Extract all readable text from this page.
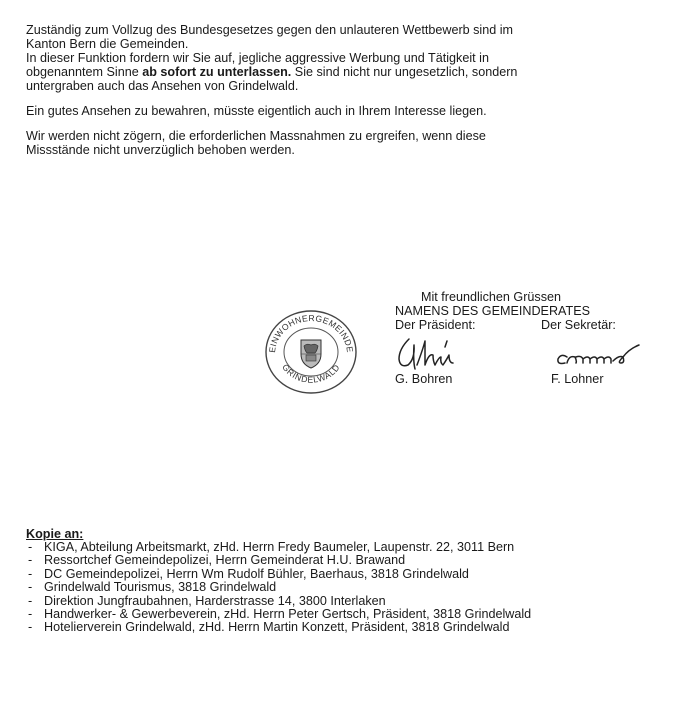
Zuständig zum Vollzug des Bundesgesetzes gegen den unlauteren Wettbewerb sind im
Kanton Bern die Gemeinden.
In dieser Funktion fordern wir Sie auf, jegliche aggressive Werbung und Tätigkeit in
obgenanntem Sinne ab sofort zu unterlassen. Sie sind nicht nur ungesetzlich, sondern
untergraben auch das Ansehen von Grindelwald.

Ein gutes Ansehen zu bewahren, müsste eigentlich auch in Ihrem Interesse liegen.

Wir werden nicht zögern, die erforderlichen Massnahmen zu ergreifen, wenn diese
Missstände nicht unverzüglich behoben werden.

EINWOHNERGEMEINDE
GRINDELWALD
Mit freundlichen Grüssen
NAMENS DES GEMEINDERATES
Der Präsident:	Der Sekretär:
G. Bohren	F. Lohner
Kopie an:
- KIGA, Abteilung Arbeitsmarkt, zHd. Herrn Fredy Baumeler, Laupenstr. 22, 3011 Bern
- Ressortchef Gemeindepolizei, Herrn Gemeinderat H.U. Brawand
- DC Gemeindepolizei, Herrn Wm Rudolf Bühler, Baerhaus, 3818 Grindelwald
- Grindelwald Tourismus, 3818 Grindelwald
- Direktion Jungfraubahnen, Harderstrasse 14, 3800 Interlaken
- Handwerker- & Gewerbeverein, zHd. Herrn Peter Gertsch, Präsident, 3818 Grindelwald
- Hotelierverein Grindelwald, zHd. Herrn Martin Konzett, Präsident, 3818 Grindelwald
